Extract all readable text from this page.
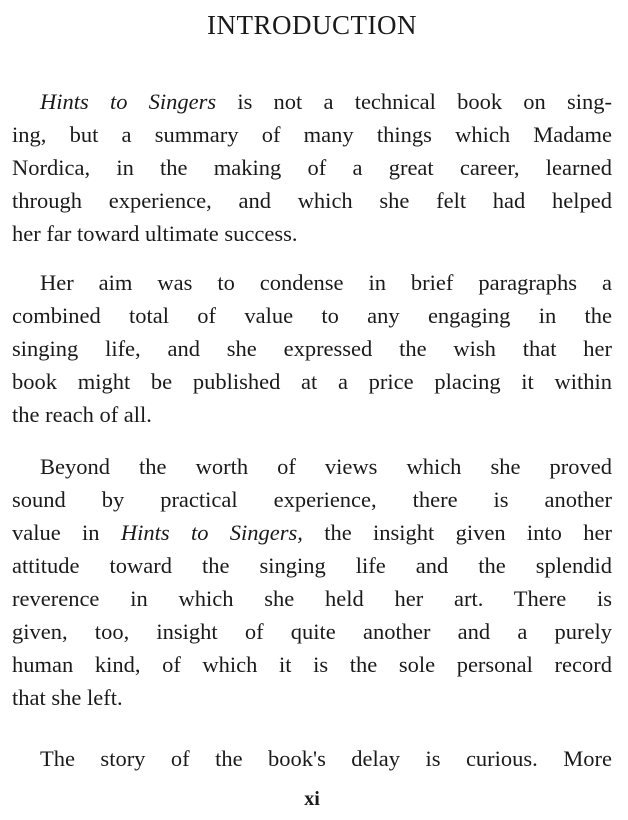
INTRODUCTION
Hints to Singers is not a technical book on sing-
ing, but a summary of many things which Madame
Nordica, in the making of a great career, learned
through experience, and which she felt had helped
her far toward ultimate success.
Her aim was to condense in brief paragraphs a
combined total of value to any engaging in the
singing life, and she expressed the wish that her
book might be published at a price placing it within
the reach of all.
Beyond the worth of views which she proved
sound by practical experience, there is another
value in Hints to Singers, the insight given into her
attitude toward the singing life and the splendid
reverence in which she held her art. There is
given, too, insight of quite another and a purely
human kind, of which it is the sole personal record
that she left.
The story of the book's delay is curious. More
xi
